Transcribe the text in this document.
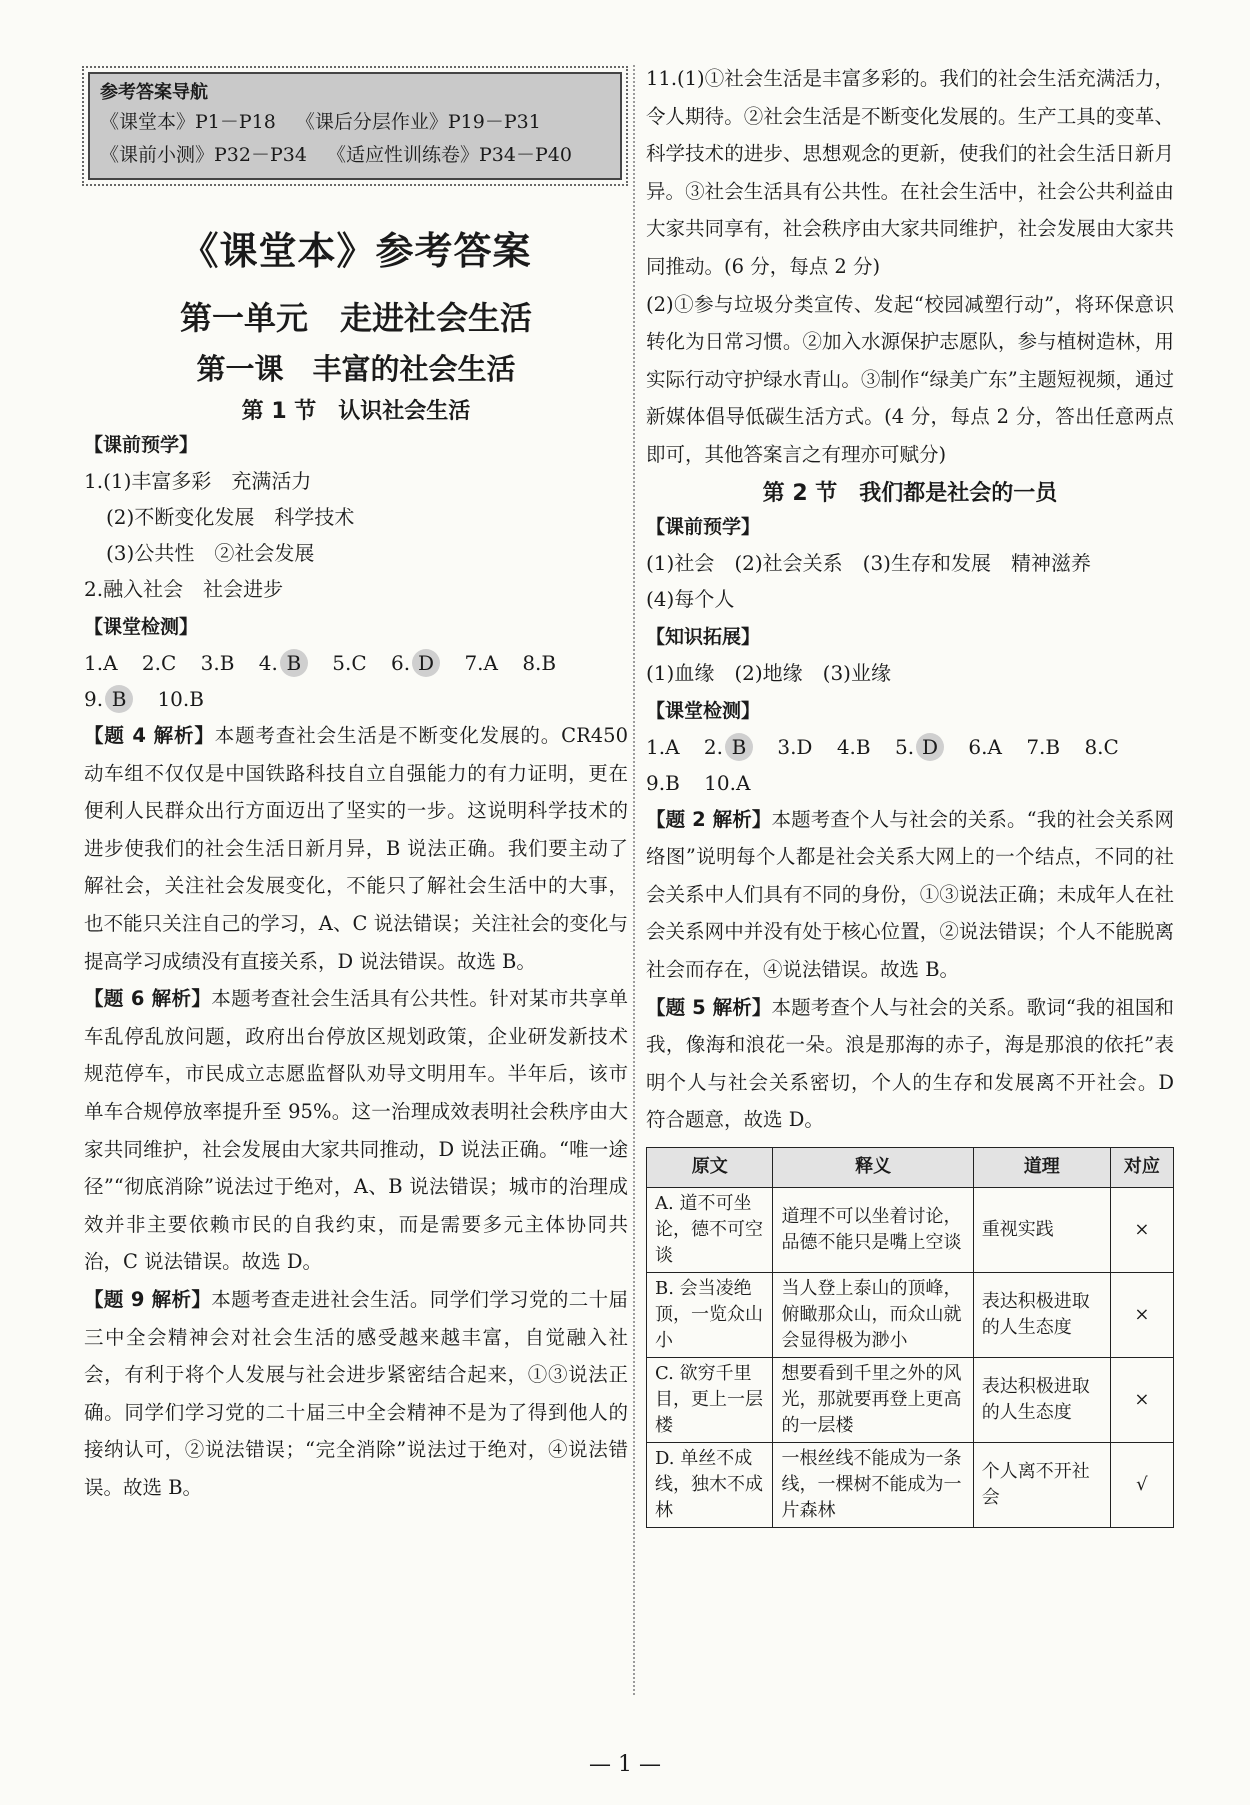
参考答案导航
《课堂本》P1－P18 《课后分层作业》P19－P31
《课前小测》P32－P34 《适应性训练卷》P34－P40
《课堂本》参考答案
第一单元　走进社会生活
第一课　丰富的社会生活
第 1 节　认识社会生活
【课前预学】
1.(1)丰富多彩　充满活力
(2)不断变化发展　科学技术
(3)公共性　②社会发展
2.融入社会　社会进步
【课堂检测】
1.A 2.C 3.B 4. B 5.C 6. D 7.A 8.B
9. B 10.B
【题 4 解析】本题考查社会生活是不断变化发展的。CR450 动车组不仅仅是中国铁路科技自立自强能力的有力证明，更在便利人民群众出行方面迈出了坚实的一步。这说明科学技术的进步使我们的社会生活日新月异，B 说法正确。我们要主动了解社会，关注社会发展变化，不能只了解社会生活中的大事，也不能只关注自己的学习，A、C 说法错误；关注社会的变化与提高学习成绩没有直接关系，D 说法错误。故选 B。
【题 6 解析】本题考查社会生活具有公共性。针对某市共享单车乱停乱放问题，政府出台停放区规划政策，企业研发新技术规范停车，市民成立志愿监督队劝导文明用车。半年后，该市单车合规停放率提升至 95%。这一治理成效表明社会秩序由大家共同维护，社会发展由大家共同推动，D 说法正确。“唯一途径”“彻底消除”说法过于绝对，A、B 说法错误；城市的治理成效并非主要依赖市民的自我约束，而是需要多元主体协同共治，C 说法错误。故选 D。
【题 9 解析】本题考查走进社会生活。同学们学习党的二十届三中全会精神会对社会生活的感受越来越丰富，自觉融入社会，有利于将个人发展与社会进步紧密结合起来，①③说法正确。同学们学习党的二十届三中全会精神不是为了得到他人的接纳认可，②说法错误；“完全消除”说法过于绝对，④说法错误。故选 B。
11.(1)①社会生活是丰富多彩的。我们的社会生活充满活力，令人期待。②社会生活是不断变化发展的。生产工具的变革、科学技术的进步、思想观念的更新，使我们的社会生活日新月异。③社会生活具有公共性。在社会生活中，社会公共利益由大家共同享有，社会秩序由大家共同维护，社会发展由大家共同推动。(6 分，每点 2 分)
(2)①参与垃圾分类宣传、发起“校园减塑行动”，将环保意识转化为日常习惯。②加入水源保护志愿队，参与植树造林，用实际行动守护绿水青山。③制作“绿美广东”主题短视频，通过新媒体倡导低碳生活方式。(4 分，每点 2 分，答出任意两点即可，其他答案言之有理亦可赋分)
第 2 节　我们都是社会的一员
【课前预学】
(1)社会　(2)社会关系　(3)生存和发展　精神滋养
(4)每个人
【知识拓展】
(1)血缘　(2)地缘　(3)业缘
【课堂检测】
1.A 2. B 3.D 4.B 5. D 6.A 7.B 8.C
9.B 10.A
【题 2 解析】本题考查个人与社会的关系。“我的社会关系网络图”说明每个人都是社会关系大网上的一个结点，不同的社会关系中人们具有不同的身份，①③说法正确；未成年人在社会关系网中并没有处于核心位置，②说法错误；个人不能脱离社会而存在，④说法错误。故选 B。
【题 5 解析】本题考查个人与社会的关系。歌词“我的祖国和我，像海和浪花一朵。浪是那海的赤子，海是那浪的依托”表明个人与社会关系密切，个人的生存和发展离不开社会。D 符合题意，故选 D。
原文	释义	道理	对应
A. 道不可坐论，德不可空谈	道理不可以坐着讨论，品德不能只是嘴上空谈	重视实践	×
B. 会当凌绝顶，一览众山小	当人登上泰山的顶峰，俯瞰那众山，而众山就会显得极为渺小	表达积极进取的人生态度	×
C. 欲穷千里目，更上一层楼	想要看到千里之外的风光，那就要再登上更高的一层楼	表达积极进取的人生态度	×
D. 单丝不成线，独木不成林	一根丝线不能成为一条线，一棵树不能成为一片森林	个人离不开社会	√
— 1 —
